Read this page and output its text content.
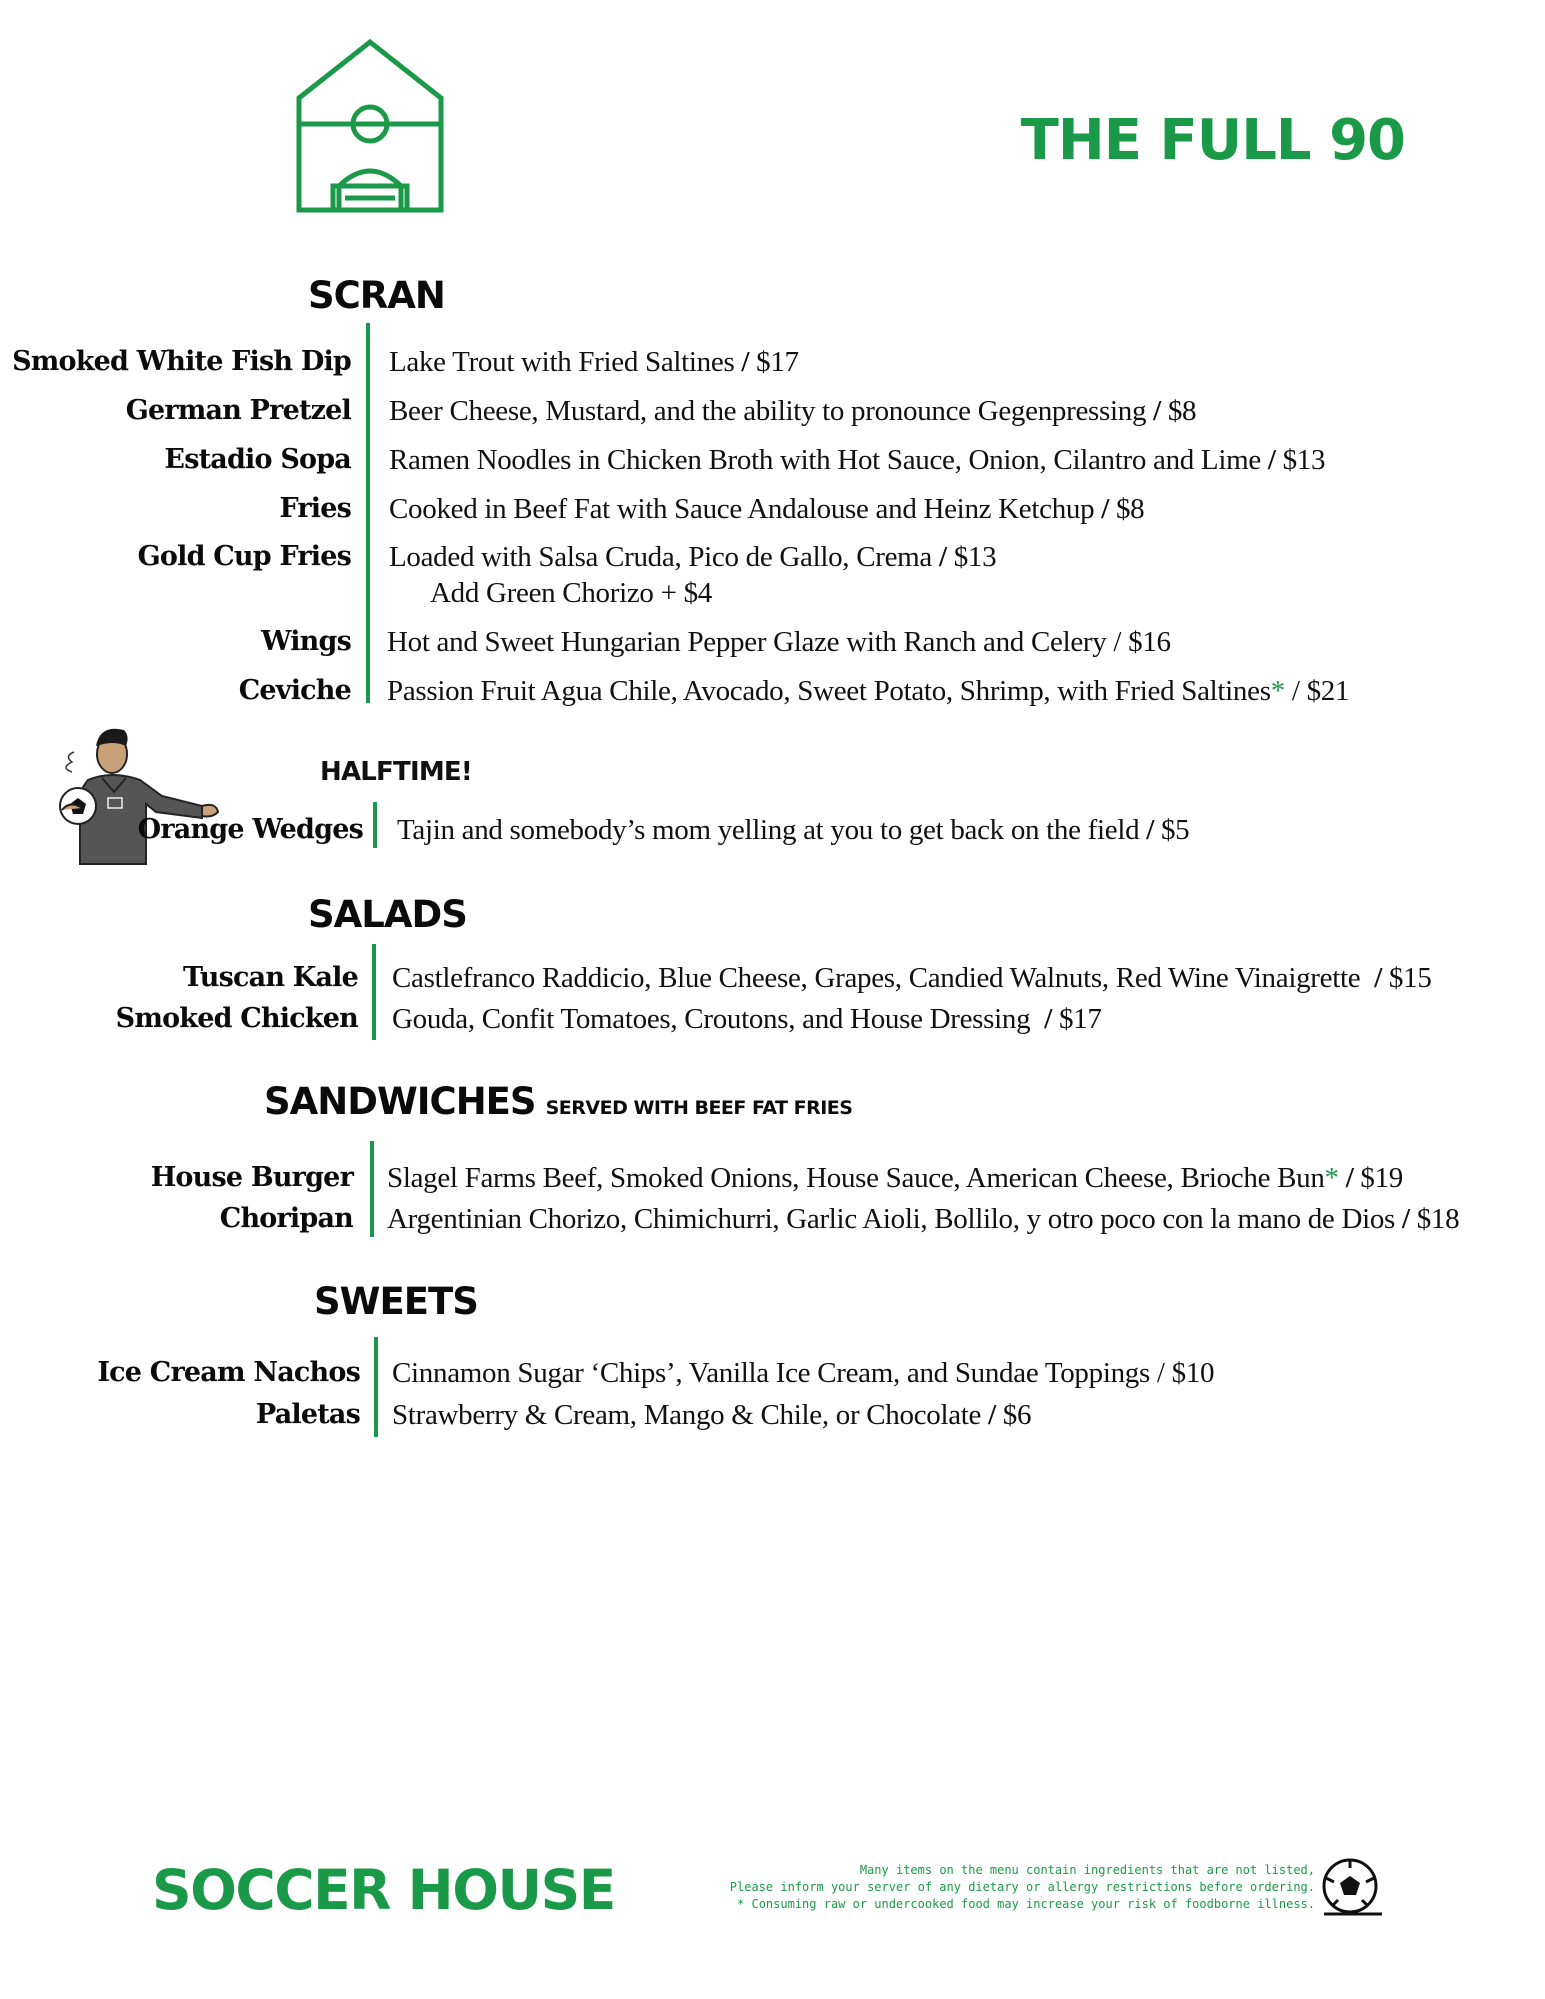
THE FULL 90
SCRAN
Smoked White Fish Dip Lake Trout with Fried Saltines / $17
German Pretzel Beer Cheese, Mustard, and the ability to pronounce Gegenpressing / $8
Estadio Sopa Ramen Noodles in Chicken Broth with Hot Sauce, Onion, Cilantro and Lime / $13
Fries Cooked in Beef Fat with Sauce Andalouse and Heinz Ketchup / $8
Gold Cup Fries Loaded with Salsa Cruda, Pico de Gallo, Crema / $13
Add Green Chorizo + $4
Wings Hot and Sweet Hungarian Pepper Glaze with Ranch and Celery / $16
Ceviche Passion Fruit Agua Chile, Avocado, Sweet Potato, Shrimp, with Fried Saltines* / $21
HALFTIME!
Orange Wedges Tajin and somebody’s mom yelling at you to get back on the field / $5
SALADS
Tuscan Kale Castlefranco Raddicio, Blue Cheese, Grapes, Candied Walnuts, Red Wine Vinaigrette / $15
Smoked Chicken Gouda, Confit Tomatoes, Croutons, and House Dressing / $17
SANDWICHES SERVED WITH BEEF FAT FRIES
House Burger Slagel Farms Beef, Smoked Onions, House Sauce, American Cheese, Brioche Bun* / $19
Choripan Argentinian Chorizo, Chimichurri, Garlic Aioli, Bollilo, y otro poco con la mano de Dios / $18
SWEETS
Ice Cream Nachos Cinnamon Sugar ‘Chips’, Vanilla Ice Cream, and Sundae Toppings / $10
Paletas Strawberry & Cream, Mango & Chile, or Chocolate / $6
SOCCER HOUSE	Many items on the menu contain ingredients that are not listed,
Please inform your server of any dietary or allergy restrictions before ordering.
* Consuming raw or undercooked food may increase your risk of foodborne illness.
